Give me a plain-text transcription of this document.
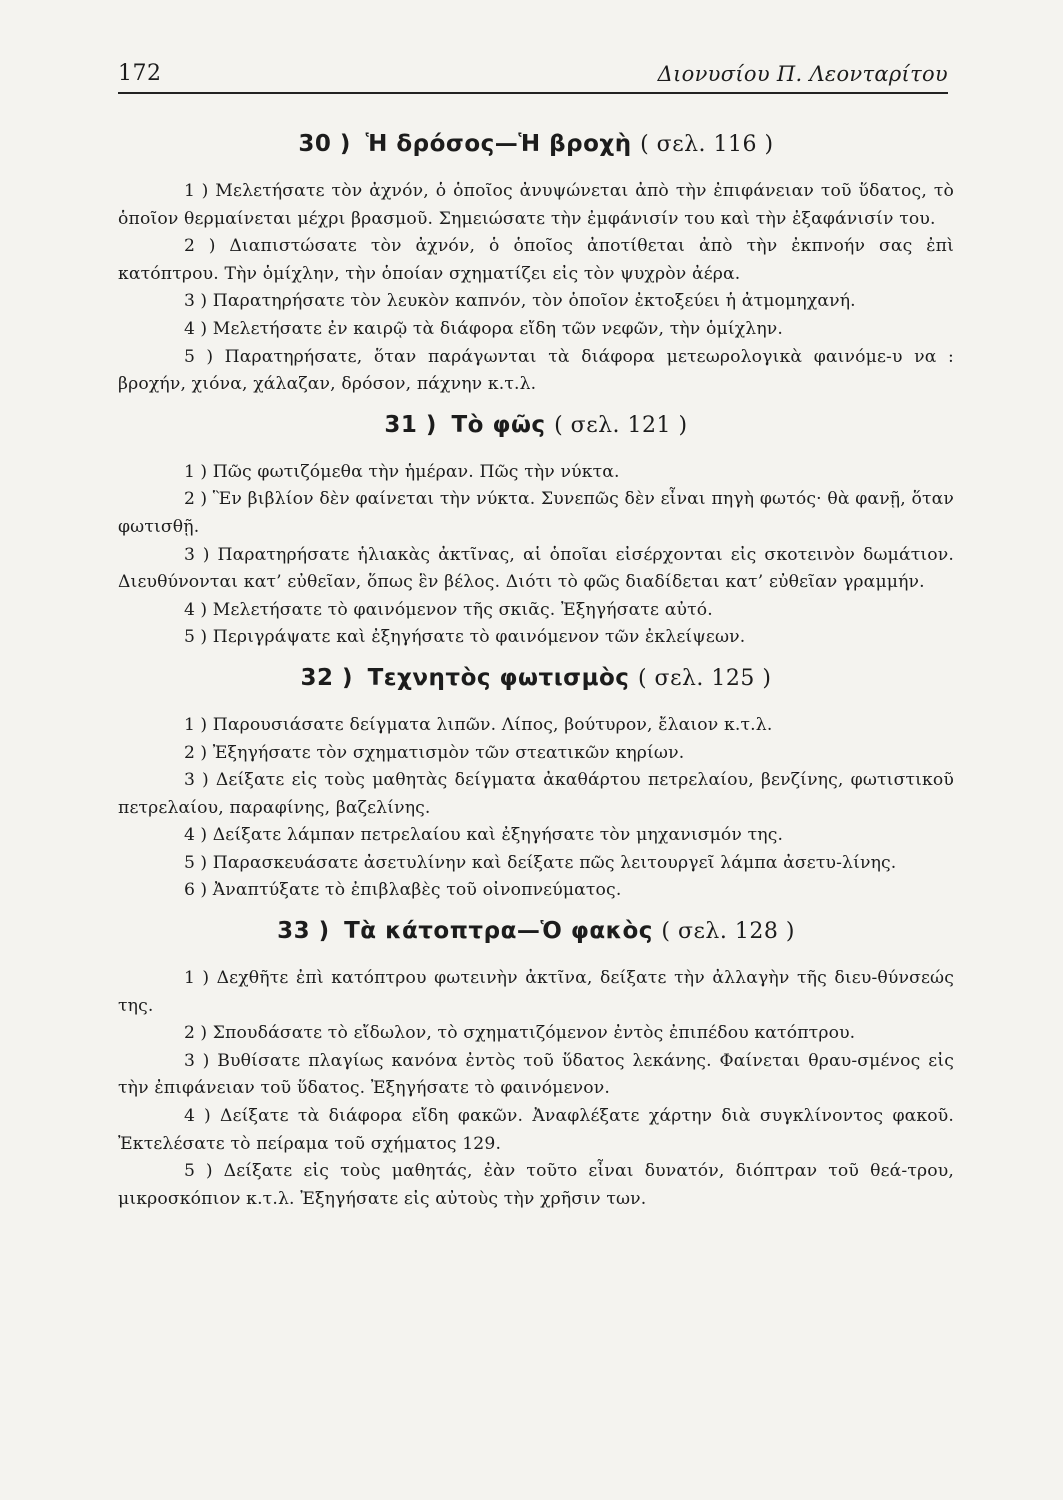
172	Διονυσίου Π. Λεονταρίτου
30 ) Ἡ δρόσος—Ἡ βροχὴ ( σελ. 116 )

1 ) Μελετήσατε τὸν ἀχνόν, ὁ ὁποῖος ἀνυψώνεται ἀπὸ τὴν ἐπιφάνειαν τοῦ ὕδατος, τὸ ὁποῖον θερμαίνεται μέχρι βρασμοῦ. Σημειώσατε τὴν ἐμφάνισίν του καὶ τὴν ἐξαφάνισίν του.

2 ) Διαπιστώσατε τὸν ἀχνόν, ὁ ὁποῖος ἀποτίθεται ἀπὸ τὴν ἐκπνοήν σας ἐπὶ κατόπτρου. Τὴν ὁμίχλην, τὴν ὁποίαν σχηματίζει εἰς τὸν ψυχρὸν ἀέρα.

3 ) Παρατηρήσατε τὸν λευκὸν καπνόν, τὸν ὁποῖον ἐκτοξεύει ἡ ἀτμομηχανή.

4 ) Μελετήσατε ἐν καιρῷ τὰ διάφορα εἴδη τῶν νεφῶν, τὴν ὁμίχλην.

5 ) Παρατηρήσατε, ὅταν παράγωνται τὰ διάφορα μετεωρολογικὰ φαινόμε-υ να : βροχήν, χιόνα, χάλαζαν, δρόσον, πάχνην κ.τ.λ.

31 ) Τὸ φῶς ( σελ. 121 )

1 ) Πῶς φωτιζόμεθα τὴν ἡμέραν. Πῶς τὴν νύκτα.

2 ) Ἓν βιβλίον δὲν φαίνεται τὴν νύκτα. Συνεπῶς δὲν εἶναι πηγὴ φωτός· θὰ φανῇ, ὅταν φωτισθῇ.

3 ) Παρατηρήσατε ἡλιακὰς ἀκτῖνας, αἱ ὁποῖαι εἰσέρχονται εἰς σκοτεινὸν δωμάτιον. Διευθύνονται κατ’ εὐθεῖαν, ὅπως ἓν βέλος. Διότι τὸ φῶς διαδίδεται κατ’ εὐθεῖαν γραμμήν.

4 ) Μελετήσατε τὸ φαινόμενον τῆς σκιᾶς. Ἐξηγήσατε αὐτό.

5 ) Περιγράψατε καὶ ἐξηγήσατε τὸ φαινόμενον τῶν ἐκλείψεων.

32 ) Τεχνητὸς φωτισμὸς ( σελ. 125 )

1 ) Παρουσιάσατε δείγματα λιπῶν. Λίπος, βούτυρον, ἔλαιον κ.τ.λ.

2 ) Ἐξηγήσατε τὸν σχηματισμὸν τῶν στεατικῶν κηρίων.

3 ) Δείξατε εἰς τοὺς μαθητὰς δείγματα ἀκαθάρτου πετρελαίου, βενζίνης, φωτιστικοῦ πετρελαίου, παραφίνης, βαζελίνης.

4 ) Δείξατε λάμπαν πετρελαίου καὶ ἐξηγήσατε τὸν μηχανισμόν της.

5 ) Παρασκευάσατε ἀσετυλίνην καὶ δείξατε πῶς λειτουργεῖ λάμπα ἀσετυ-λίνης.

6 ) Ἀναπτύξατε τὸ ἐπιβλαβὲς τοῦ οἰνοπνεύματος.

33 ) Τὰ κάτοπτρα—Ὁ φακὸς ( σελ. 128 )

1 ) Δεχθῆτε ἐπὶ κατόπτρου φωτεινὴν ἀκτῖνα, δείξατε τὴν ἀλλαγὴν τῆς διευ-θύνσεώς της.

2 ) Σπουδάσατε τὸ εἴδωλον, τὸ σχηματιζόμενον ἐντὸς ἐπιπέδου κατόπτρου.

3 ) Βυθίσατε πλαγίως κανόνα ἐντὸς τοῦ ὕδατος λεκάνης. Φαίνεται θραυ-σμένος εἰς τὴν ἐπιφάνειαν τοῦ ὕδατος. Ἐξηγήσατε τὸ φαινόμενον.

4 ) Δείξατε τὰ διάφορα εἴδη φακῶν. Ἀναφλέξατε χάρτην διὰ συγκλίνοντος φακοῦ. Ἐκτελέσατε τὸ πείραμα τοῦ σχήματος 129.

5 ) Δείξατε εἰς τοὺς μαθητάς, ἐὰν τοῦτο εἶναι δυνατόν, διόπτραν τοῦ θεά-τρου, μικροσκόπιον κ.τ.λ. Ἐξηγήσατε εἰς αὐτοὺς τὴν χρῆσιν των.
